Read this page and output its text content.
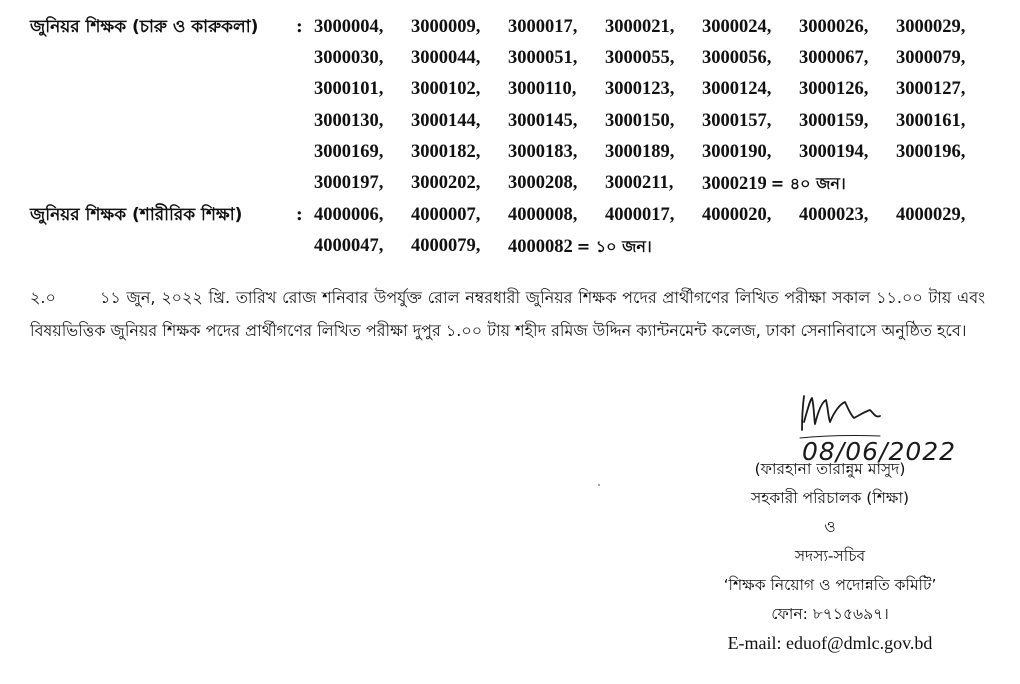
জুনিয়র শিক্ষক (চারু ও কারুকলা)	: 3000004,	3000009,	3000017,	3000021,	3000024,	3000026,	3000029,
3000030,	3000044,	3000051,	3000055,	3000056,	3000067,	3000079,
3000101,	3000102,	3000110,	3000123,	3000124,	3000126,	3000127,
3000130,	3000144,	3000145,	3000150,	3000157,	3000159,	3000161,
3000169,	3000182,	3000183,	3000189,	3000190,	3000194,	3000196,
3000197,	3000202,	3000208,	3000211,	3000219 = ৪০ জন।
জুনিয়র শিক্ষক (শারীরিক শিক্ষা)	: 4000006,	4000007,	4000008,	4000017,	4000020,	4000023,	4000029,
4000047,	4000079,	4000082 = ১০ জন।
২.০	১১ জুন, ২০২২ খ্রি. তারিখ রোজ শনিবার উপর্যুক্ত রোল নম্বরধারী জুনিয়র শিক্ষক পদের প্রার্থীগণের লিখিত পরীক্ষা সকাল ১১.০০ টায় এবং বিষয়ভিত্তিক জুনিয়র শিক্ষক পদের প্রার্থীগণের লিখিত পরীক্ষা দুপুর ১.০০ টায় শহীদ রমিজ উদ্দিন ক্যান্টনমেন্ট কলেজ, ঢাকা সেনানিবাসে অনুষ্ঠিত হবে।
08/06/2022
(ফারহানা তারান্নুম মাসুদ)
সহকারী পরিচালক (শিক্ষা)
ও
সদস্য-সচিব
‘শিক্ষক নিয়োগ ও পদোন্নতি কমিটি’
ফোন: ৮৭১৫৬৯৭।
E-mail: eduof@dmlc.gov.bd
